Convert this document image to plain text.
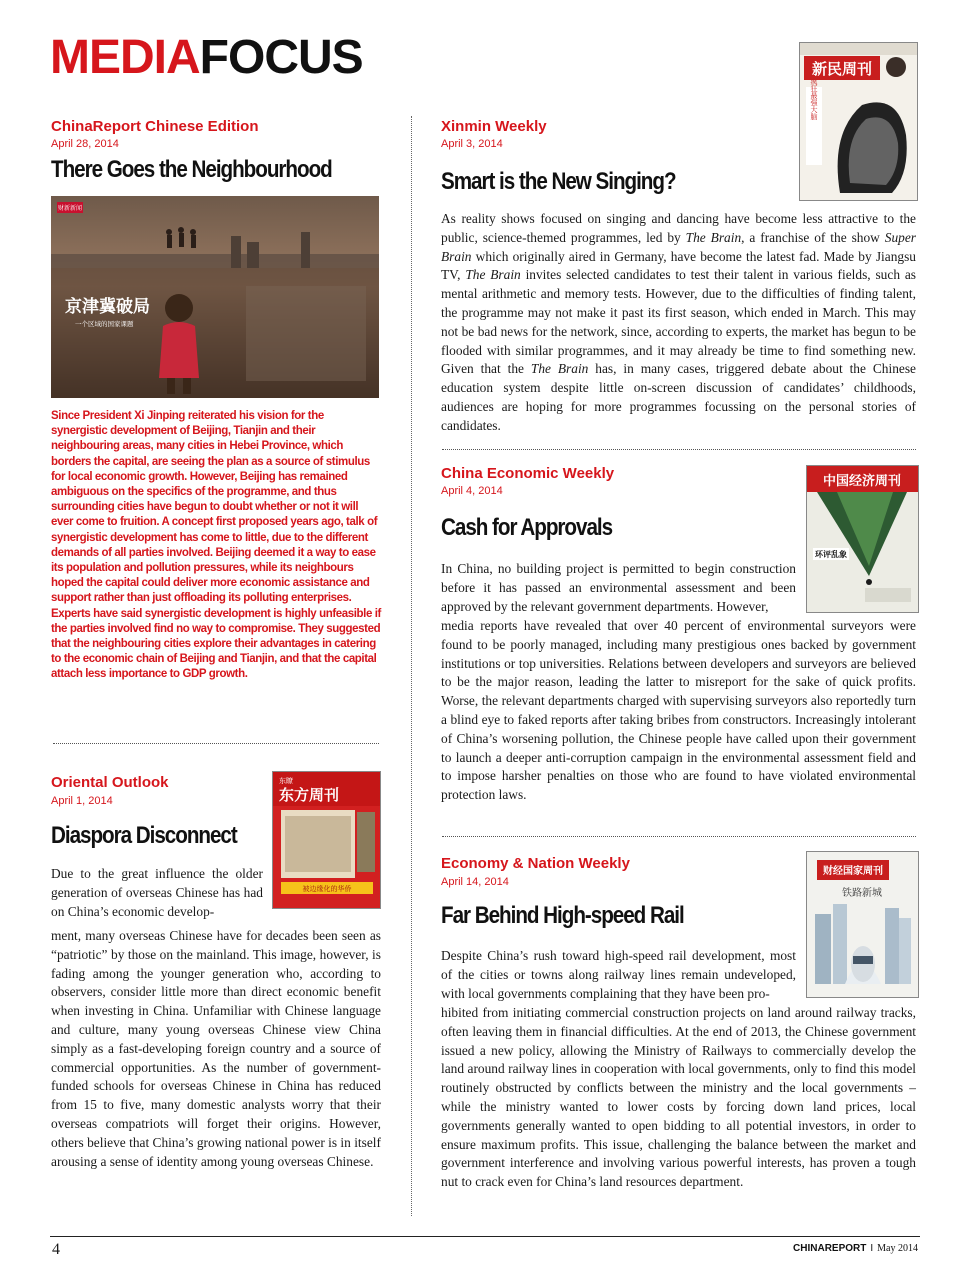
MEDIAFOCUS
ChinaReport Chinese Edition
April 28, 2014
There Goes the Neighbourhood
财新新闻
京津冀破局
一个区域的国家课题
Since President Xi Jinping reiterated his vision for the synergistic development of Beijing, Tianjin and their neighbouring areas, many cities in Hebei Province, which borders the capital, are seeing the plan as a source of stimulus for local economic growth. However, Beijing has remained ambiguous on the specifics of the programme, and thus surrounding cities have begun to doubt whether or not it will ever come to fruition. A concept first proposed years ago, talk of synergistic development has come to little, due to the different demands of all parties involved. Beijing deemed it a way to ease its population and pollution pressures, while its neighbours hoped the capital could deliver more economic assistance and support rather than just offloading its polluting enterprises. Experts have said synergistic development is highly unfeasible if the parties involved find no way to compromise. They suggested that the neighbouring cities explore their advantages in catering to the economic chain of Beijing and Tianjin, and that the capital attach less importance to GDP growth.
Oriental Outlook
April 1, 2014
Diaspora Disconnect
东瞭
东方周刊
被边缘化的华侨
Due to the great influence the older generation of overseas Chinese has had on China’s economic develop-
ment, many overseas Chinese have for decades been seen as “patriotic” by those on the mainland. This image, however, is fading among the younger generation who, according to observers, consider little more than direct economic benefit when investing in China. Unfamiliar with Chinese language and culture, many young overseas Chinese view China simply as a fast-developing foreign country and a source of commercial opportunities. As the number of government-funded schools for overseas Chinese in China has reduced from 15 to five, many domestic analysts worry that their overseas compatriots will forget their origins. However, others believe that China’s growing national power is in itself arousing a sense of identity among young overseas Chinese.
Xinmin Weekly
April 3, 2014
Smart is the New Singing?
新民周刊
疯狂最强大脑
As reality shows focused on singing and dancing have become less attractive to the public, science-themed programmes, led by The Brain, a franchise of the show Super Brain which originally aired in Germany, have become the latest fad. Made by Jiangsu TV, The Brain invites selected candidates to test their talent in various fields, such as mental arithmetic and memory tests. However, due to the difficulties of finding talent, the programme may not make it past its first season, which ended in March. This may not be bad news for the network, since, according to experts, the market has begun to be flooded with similar programmes, and it may already be time to find something new. Given that the The Brain has, in many cases, triggered debate about the Chinese education system despite little on-screen discussion of candidates’ childhoods, audiences are hoping for more programmes focussing on the personal stories of candidates.
China Economic Weekly
April 4, 2014
Cash for Approvals
中国经济周刊
环评乱象
In China, no building project is permitted to begin construction before it has passed an environmental assessment and been approved by the relevant government departments. However,
media reports have revealed that over 40 percent of environmental surveyors were found to be poorly managed, including many prestigious ones backed by government institutions or top universities. Relations between developers and surveyors are believed to be the major reason, leading the latter to misreport for the sake of quick profits. Worse, the relevant departments charged with supervising surveyors also reportedly turn a blind eye to faked reports after taking bribes from constructors. Increasingly intolerant of China’s worsening pollution, the Chinese people have called upon their government to launch a deeper anti-corruption campaign in the environmental assessment field and to impose harsher penalties on those who are found to have violated environmental protection laws.
Economy & Nation Weekly
April 14, 2014
Far Behind High-speed Rail
财经国家周刊
铁路新城
Despite China’s rush toward high-speed rail development, most of the cities or towns along railway lines remain undeveloped, with local governments complaining that they have been pro-
hibited from initiating commercial construction projects on land around railway tracks, often leaving them in financial difficulties. At the end of 2013, the Chinese government issued a new policy, allowing the Ministry of Railways to commercially develop the land around railway lines in cooperation with local governments, only to find this model routinely obstructed by conflicts between the ministry and the local governments – while the ministry wanted to lower costs by forcing down land prices, local governments generally wanted to open bidding to all potential investors, in order to ensure maximum profits. This issue, challenging the balance between the market and government interference and involving various powerful interests, has proven a tough nut to crack even for China’s land resources department.
4	CHINAREPORT I May 2014
